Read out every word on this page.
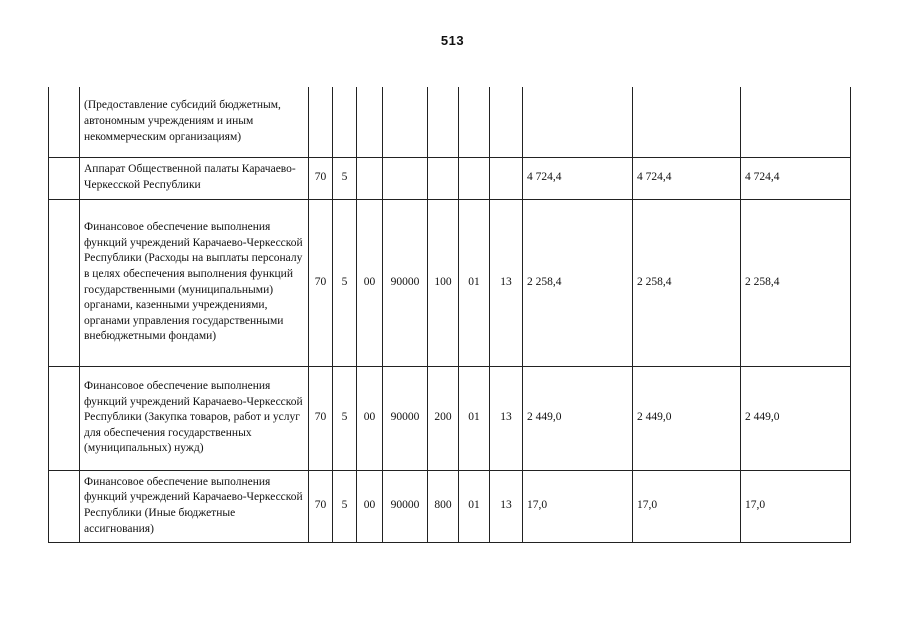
513
	(Предоставление субсидий бюджетным, автономным учреждениям и иным некоммерческим организациям)										
	Аппарат Общественной палаты Карачаево-Черкесской Республики	70	5						4 724,4	4 724,4	4 724,4
	Финансовое обеспечение выполнения функций учреждений Карачаево-Черкесской Республики (Расходы на выплаты персоналу в целях обеспечения выполнения функций государственными (муниципальными) органами, казенными учреждениями, органами управления государственными внебюджетными фондами)	70	5	00	90000	100	01	13	2 258,4	2 258,4	2 258,4
	Финансовое обеспечение выполнения функций учреждений Карачаево-Черкесской Республики (Закупка товаров, работ и услуг для обеспечения государственных (муниципальных) нужд)	70	5	00	90000	200	01	13	2 449,0	2 449,0	2 449,0
	Финансовое обеспечение выполнения функций учреждений Карачаево-Черкесской Республики (Иные бюджетные ассигнования)	70	5	00	90000	800	01	13	17,0	17,0	17,0
